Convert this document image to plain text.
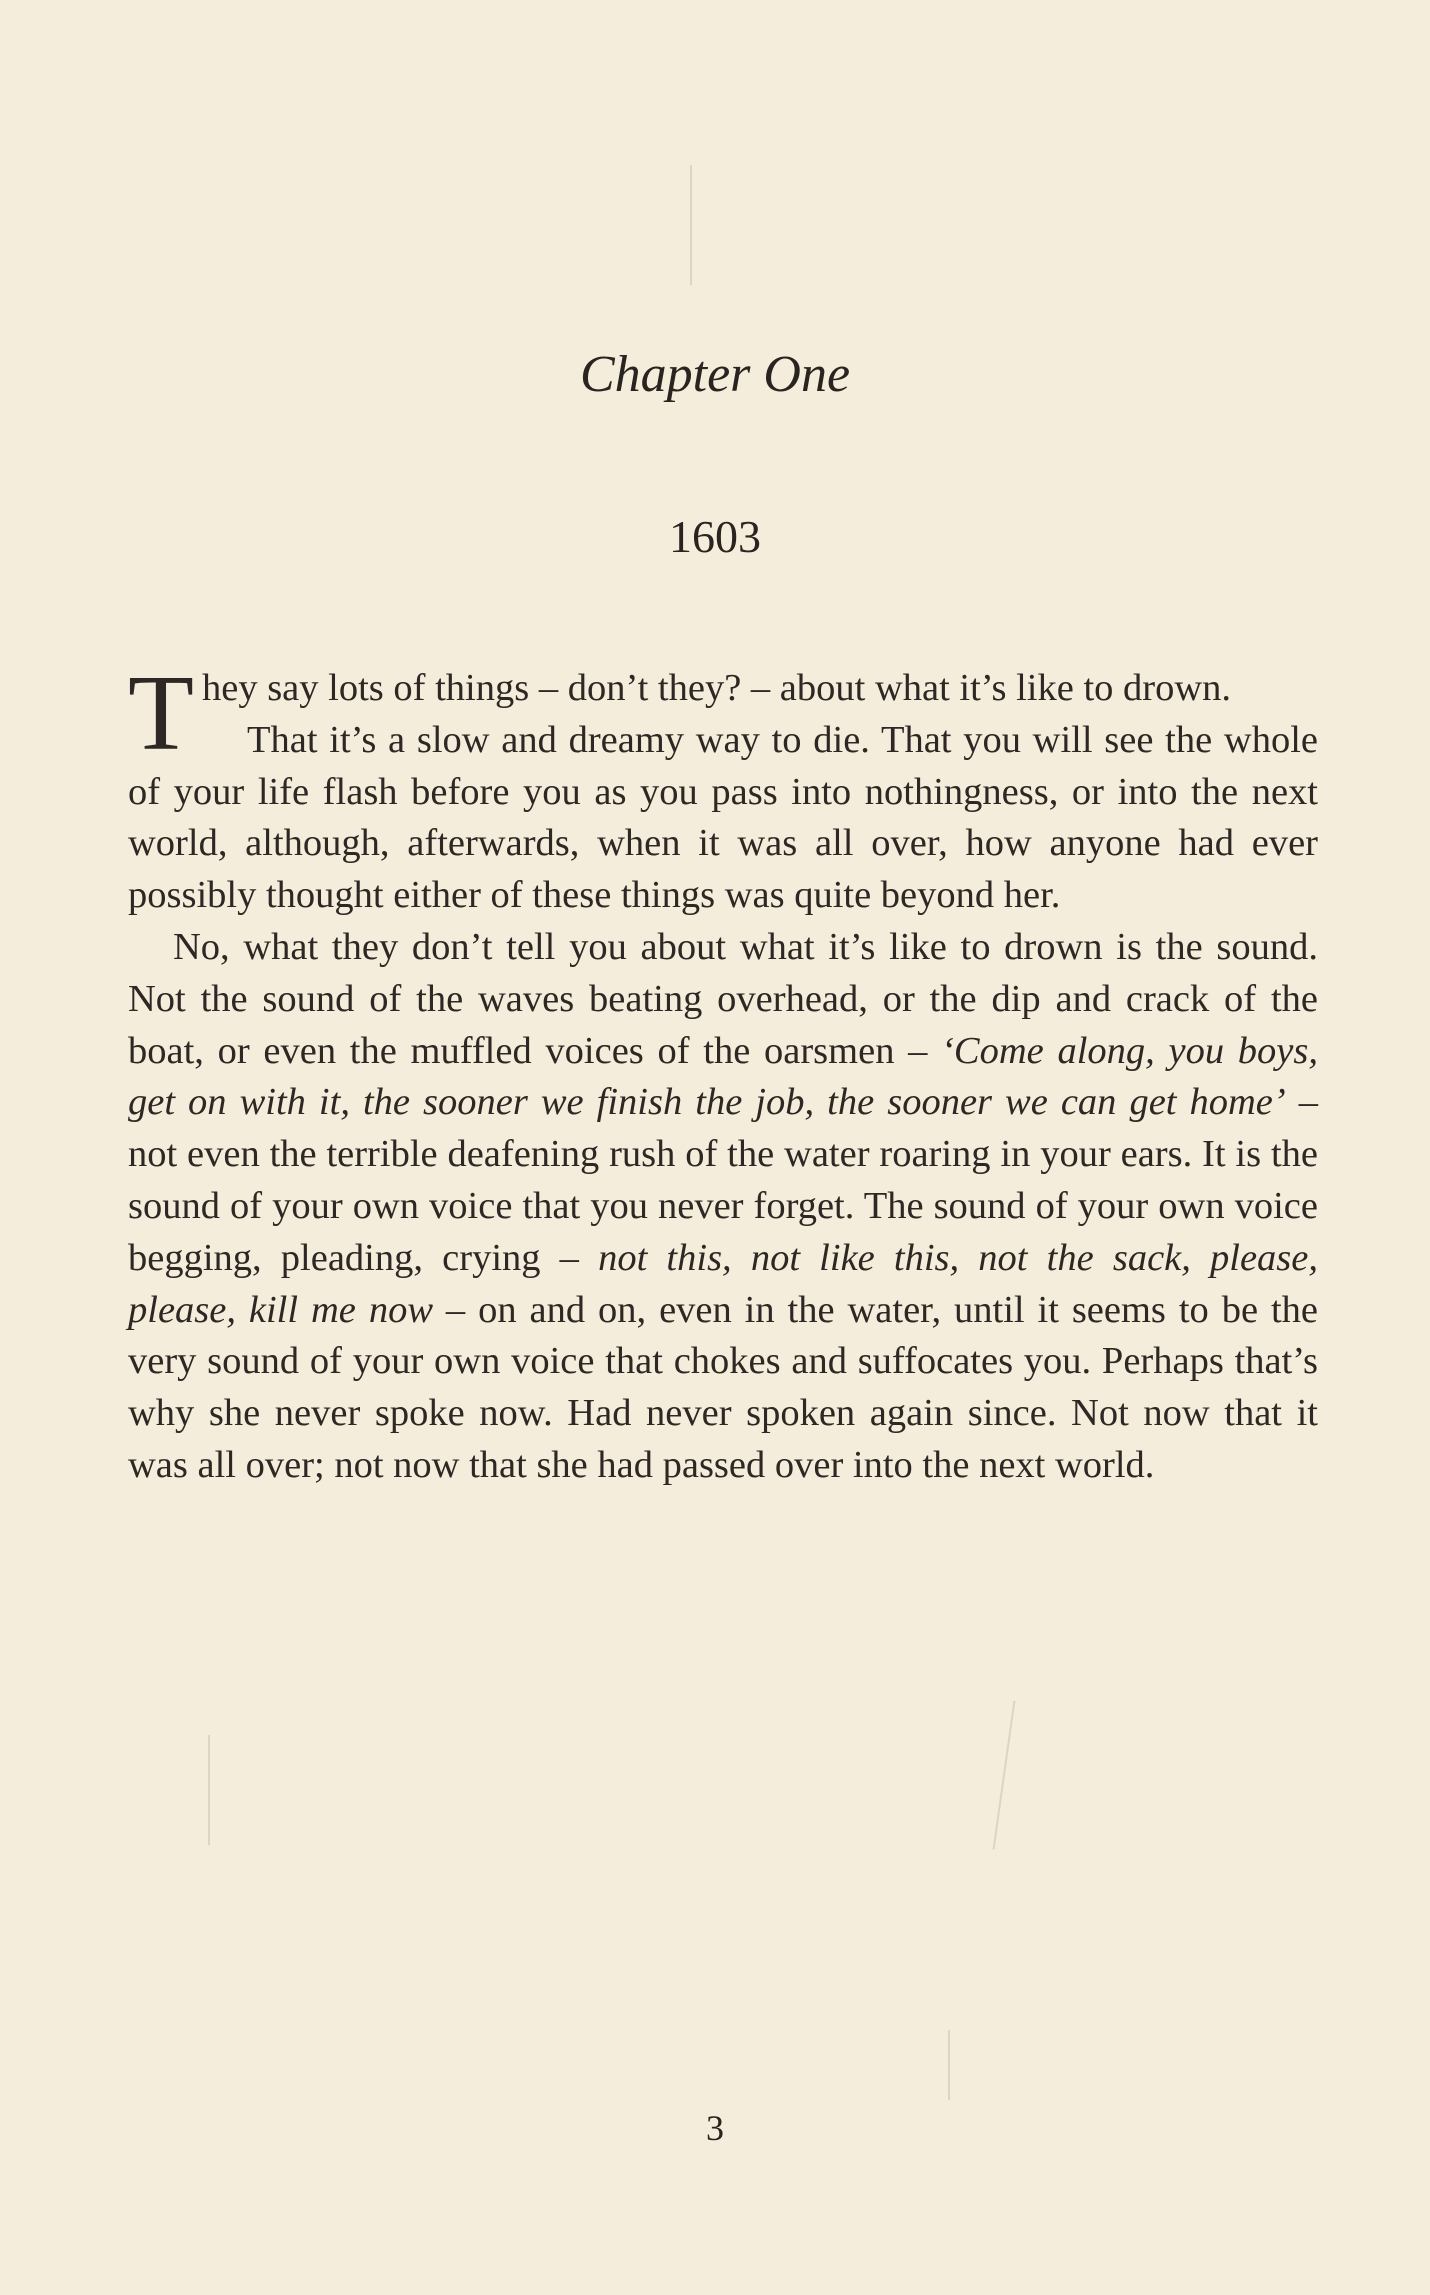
Chapter One
1603

They say lots of things – don’t they? – about what it’s like to drown.

That it’s a slow and dreamy way to die. That you will see the whole of your life flash before you as you pass into nothingness, or into the next world, although, afterwards, when it was all over, how anyone had ever possibly thought either of these things was quite beyond her.

No, what they don’t tell you about what it’s like to drown is the sound. Not the sound of the waves beating overhead, or the dip and crack of the boat, or even the muffled voices of the oarsmen – ‘Come along, you boys, get on with it, the sooner we finish the job, the sooner we can get home’ – not even the terrible deafening rush of the water roaring in your ears. It is the sound of your own voice that you never forget. The sound of your own voice begging, pleading, crying – not this, not like this, not the sack, please, please, kill me now – on and on, even in the water, until it seems to be the very sound of your own voice that chokes and suffocates you. Perhaps that’s why she never spoke now. Had never spoken again since. Not now that it was all over; not now that she had passed over into the next world.

3
